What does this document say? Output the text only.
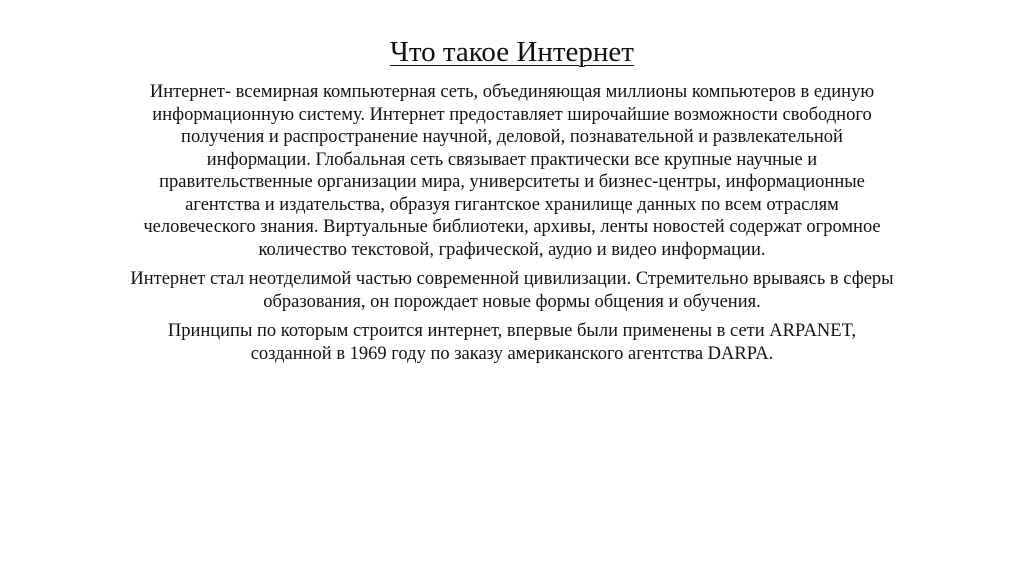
Что такое Интернет

Интернет- всемирная компьютерная сеть, объединяющая миллионы компьютеров в единую информационную систему. Интернет предоставляет широчайшие возможности свободного получения и распространение научной, деловой, познавательной и развлекательной информации. Глобальная сеть связывает практически все крупные научные и правительственные организации мира, университеты и бизнес-центры, информационные агентства и издательства, образуя гигантское хранилище данных по всем отраслям человеческого знания. Виртуальные библиотеки, архивы, ленты новостей содержат огромное количество текстовой, графической, аудио и видео информации.

Интернет стал неотделимой частью современной цивилизации. Стремительно врываясь в сферы образования, он порождает новые формы общения и обучения.

Принципы по которым строится интернет, впервые были применены в сети ARPANET, созданной в 1969 году по заказу американского агентства DARPA.
